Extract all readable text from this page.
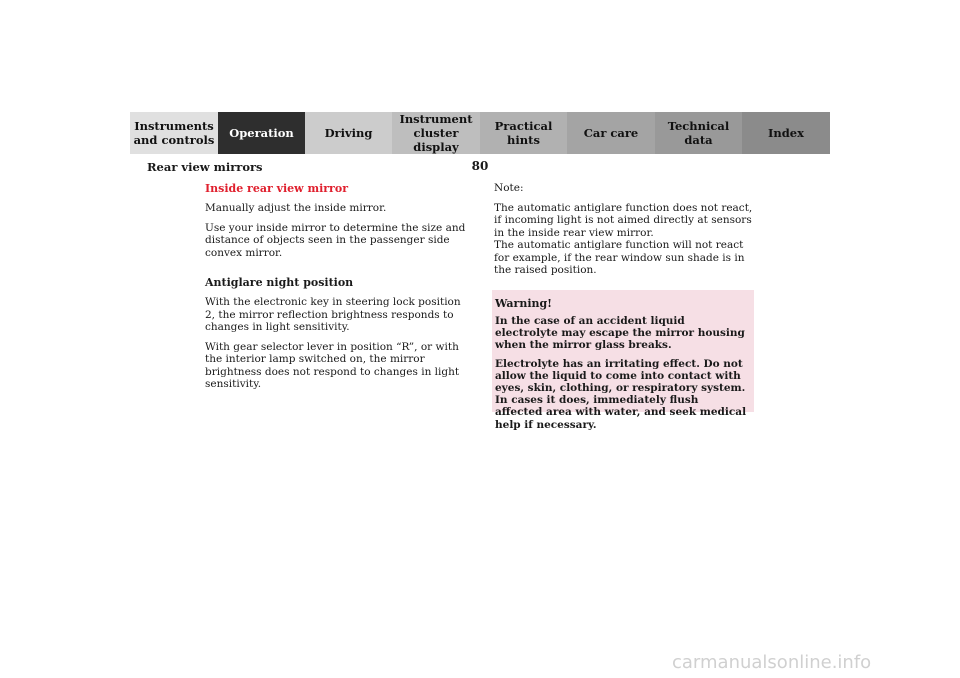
Instruments
and controls	Operation	Driving
Instrument
cluster display
Practical hints	Car care	Technical
data	Index
80
Rear view mirrors
Inside rear view mirror

Manually adjust the inside mirror.

Use your inside mirror to determine the size and distance of objects seen in the passenger side convex mirror.

Antiglare night position

With the electronic key in steering lock position 2, the mirror reflection brightness responds to changes in light sensitivity.

With gear selector lever in position “R”, or with the interior lamp switched on, the mirror brightness does not respond to changes in light sensitivity.

Note:

The automatic antiglare function does not react, if incoming light is not aimed directly at sensors in the inside rear view mirror.

The automatic antiglare function will not react for example, if the rear window sun shade is in the raised position.

Warning!

In the case of an accident liquid electrolyte may escape the mirror housing when the mirror glass breaks.

Electrolyte has an irritating effect. Do not allow the liquid to come into contact with eyes, skin, clothing, or respiratory system. In cases it does, immediately flush affected area with water, and seek medical help if necessary.

carmanualsonline.info
